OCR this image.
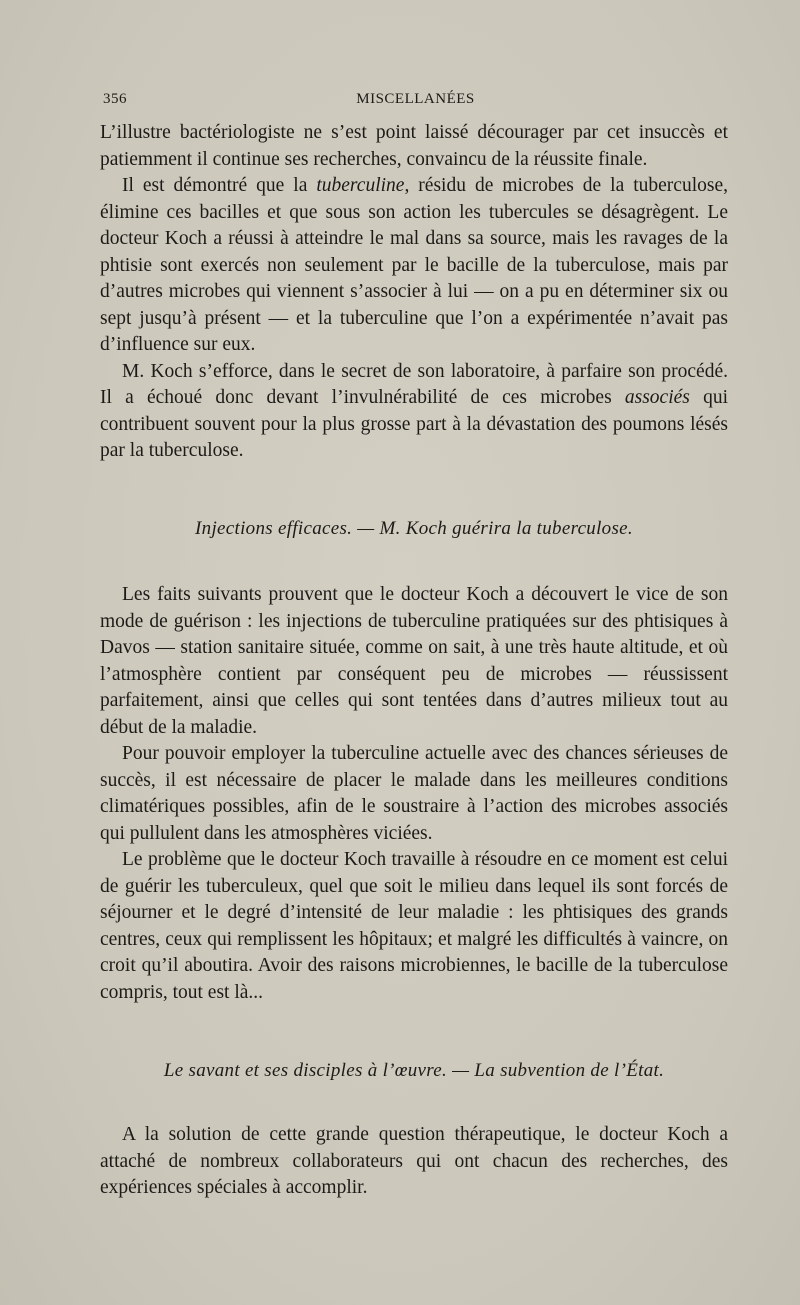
356	MISCELLANÉES

L’illustre bactériologiste ne s’est point laissé décourager par cet insuccès et patiemment il continue ses recherches, convaincu de la réussite finale.

Il est démontré que la tuberculine, résidu de microbes de la tuberculose, élimine ces bacilles et que sous son action les tubercules se désagrègent. Le docteur Koch a réussi à atteindre le mal dans sa source, mais les ravages de la phtisie sont exercés non seulement par le bacille de la tuberculose, mais par d’autres microbes qui viennent s’associer à lui — on a pu en déterminer six ou sept jusqu’à présent — et la tuberculine que l’on a expérimentée n’avait pas d’influence sur eux.

M. Koch s’efforce, dans le secret de son laboratoire, à parfaire son procédé. Il a échoué donc devant l’invulnérabilité de ces microbes associés qui contribuent souvent pour la plus grosse part à la dévastation des poumons lésés par la tuberculose.

Injections efficaces. — M. Koch guérira la tuberculose.

Les faits suivants prouvent que le docteur Koch a découvert le vice de son mode de guérison : les injections de tuberculine pratiquées sur des phtisiques à Davos — station sanitaire située, comme on sait, à une très haute altitude, et où l’atmosphère contient par conséquent peu de microbes — réussissent parfaitement, ainsi que celles qui sont tentées dans d’autres milieux tout au début de la maladie.

Pour pouvoir employer la tuberculine actuelle avec des chances sérieuses de succès, il est nécessaire de placer le malade dans les meilleures conditions climatériques possibles, afin de le soustraire à l’action des microbes associés qui pullulent dans les atmosphères viciées.

Le problème que le docteur Koch travaille à résoudre en ce moment est celui de guérir les tuberculeux, quel que soit le milieu dans lequel ils sont forcés de séjourner et le degré d’intensité de leur maladie : les phtisiques des grands centres, ceux qui remplissent les hôpitaux; et malgré les difficultés à vaincre, on croit qu’il aboutira. Avoir des raisons microbiennes, le bacille de la tuberculose compris, tout est là...

Le savant et ses disciples à l’œuvre. — La subvention de l’État.

A la solution de cette grande question thérapeutique, le docteur Koch a attaché de nombreux collaborateurs qui ont chacun des recherches, des expériences spéciales à accomplir.
